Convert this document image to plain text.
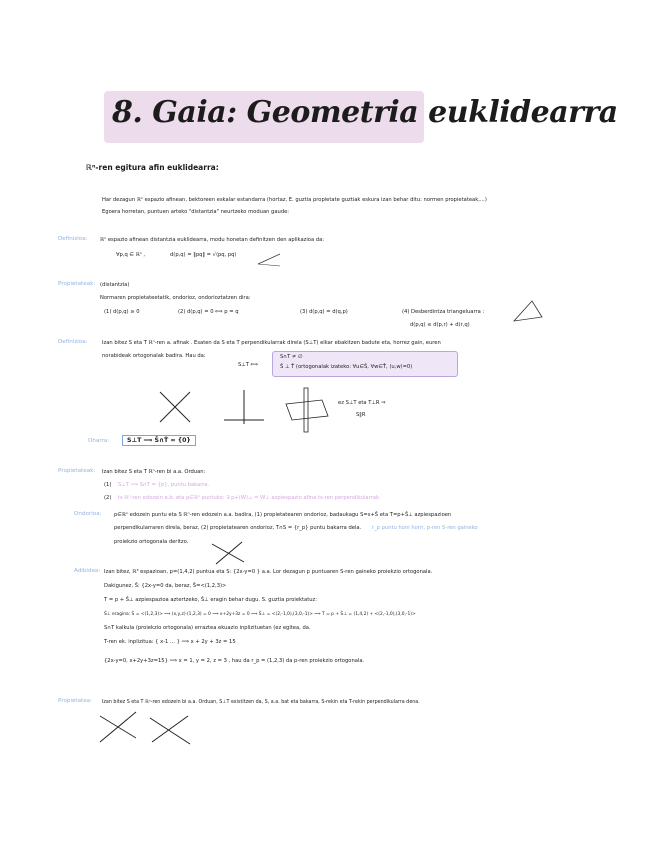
8. Gaia: Geometria euklidearra
ℝⁿ-ren egitura afin euklidearra:
Har dezagun ℝⁿ espazio afinean, bektoreen eskalar estandarra (hortaz, E. guztia propietate guztiak eskura izan behar ditu: normen propietateak,...)
Egoera horretan, puntuen arteko "distantzia" neurtzeko moduan gaude:
Definizioa: ℝⁿ espazio afinean distantzia euklidearra, modu honetan definitzen den aplikazioa da:
∀p,q ∈ ℝⁿ ,	d(p,q) = ‖pq‖ = √⟨pq, pq⟩
Propietateak: (distantzia)
Normaren propietateetatik, ondorioz, ondorioztatzen dira:
(1) d(p,q) ≥ 0	(2) d(p,q) = 0 ⟺ p = q	(3) d(p,q) = d(q,p)	(4) Desberdintza triangeluarra :
d(p,q) ≤ d(p,r) + d(r,q)
Definizioa:	Izan bitez S eta T ℝⁿ-ren a. afinak . Esaten da S eta T perpendikularrak direla (S⊥T) elkar ebakitzen badute eta, horrez gain, euren
norabideak ortogonalak badira. Hau da:
S⊥T ⟺
S∩T ≠ ∅
Ŝ ⊥ T̂ (ortogonalak izateko: ∀u∈Ŝ, ∀w∈T̂, ⟨u,w⟩=0)
ez S⊥T eta T⊥R ⇒
S∥R
Oharra:	S⊥T ⟹ Ŝ∩T̂ = {0}
Propietateak: Izan bitez S eta T ℝⁿ-ren bi a.a. Orduan:
(1) S⊥T ⟹ S∩T = {p}, puntu bakarra.
(2) ts ℝⁿ-ren edozein a.b. eta p∈ℝⁿ puntuko: ∃ p+(W)⊥ = W⊥ azpiespazio afina ts-ren perpendikularrak.
Ondorioa: p∈ℝⁿ edozein puntu eta S ℝⁿ-ren edozein a.a. badira, (1) propietatearen ondorioz, badaukagu S=s+Ŝ eta T=p+Ŝ⊥ azpiespazioen
perpendikularraren direla, beraz, (2) propietatearen ondorioz, T∩S = {r_p} puntu bakarra dela. r_p puntu honi horri, p-ren S-ren gaineko
proiekzio ortogonala deritzo.
Adibidea: Izan bitez, ℝ³ espazioan, p=(1,4,2) puntua eta S: {2x-y=0 } a.a. Lor dezagun p puntuaren S-ren gaineko proiekzio ortogonala.
Dakigunez, Ŝ: {2x-y=0 da, beraz, Ŝ=<(1,2,3)>
T = p + Ŝ⊥ azpiespazioa aztertzeko, Ŝ⊥ eragin behar dugu. S. guztia proiektatuz:
Ŝ⊥ eragina: Ŝ = <(1,2,3)> ⟹ (x,y,z)·(1,2,3) = 0 ⟹ x+2y+3z = 0 ⟹ Ŝ⊥ = <(2,-1,0),(3,0,-1)> ⟹ T = p + Ŝ⊥ = (1,4,2) + <(2,-1,0),(3,0,-1)>
S∩T kalkula (proiekzio ortogonala) erraztea ekuazio inplizituetan (ez egitea, da.
T-ren ek. inplizitua: { x-1 ... } ⟹ x + 2y + 3z = 15
{2x-y=0, x+2y+3z=15} ⟹ x = 1, y = 2, z = 3 , hau da r_p = (1,2,3) da p-ren proiekzio ortogonala.
Propietatea: Izan bitez S eta T ℝⁿ-ren edozein bi a.a. Orduan, S⊥T existitzen da, S, a.a. bat eta bakarra, S-rekin eta T-rekin perpendikularra dena.
